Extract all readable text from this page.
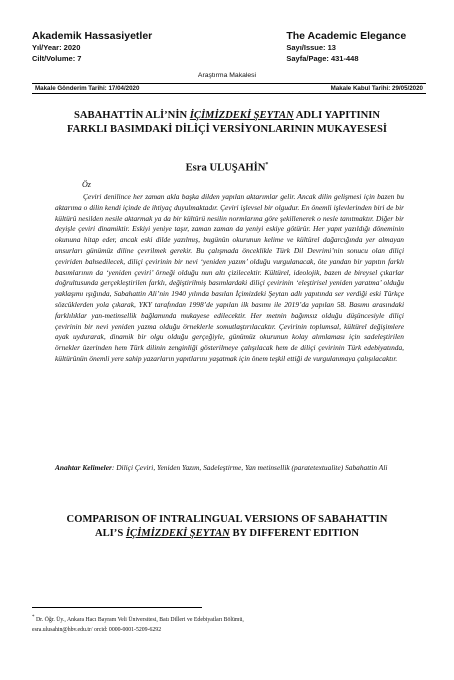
Akademik Hassasiyetler
Yıl/Year: 2020
Cilt/Volume: 7
The Academic Elegance
Sayı/Issue: 13
Sayfa/Page: 431-448
Araştırma Makalesi
Makale Gönderim Tarihi: 17/04/2020	Makale Kabul Tarihi: 29/05/2020
SABAHATTİN ALİ’NİN İÇİMİZDEKİ ŞEYTAN ADLI YAPITININ FARKLI BASIMDAKİ DİLİÇİ VERSİYONLARININ MUKAYESESİ
Esra ULUŞAHİN*
Öz

Çeviri denilince her zaman akla başka dilden yapılan aktarımlar gelir. Ancak dilin gelişmesi için bazen bu aktarıma o dilin kendi içinde de ihtiyaç duyulmaktadır. Çeviri işlevsel bir olgudur. En önemli işlevlerinden biri de bir kültürü nesilden nesile aktarmak ya da bir kültürü nesilin normlarına göre şekillenerek o nesle tanıtmaktır. Diğer bir deyişle çeviri dinamiktir. Eskiyi yeniye taşır, zaman zaman da yeniyi eskiye götürür. Her yapıt yazıldığı döneminin okununa hitap eder, ancak eski dilde yazılmış, bugünün okurunun kelime ve kültürel dağarcığında yer almayan unsurları günümüz diline çevrilmek gerekir. Bu çalışmada önceklikle Türk Dil Devrimi’nin sonucu olan diliçi çeviriden bahsedilecek, diliçi çevirinin bir nevi ‘yeniden yazım’ olduğu vurgulanacak, öte yandan bir yapıtın farklı basımlarının da ‘yeniden çeviri’ örneği olduğu nun altı çizilecektir. Kültürel, ideolojik, bazen de bireysel çıkarlar doğrultusunda gerçekleştirilen farklı, değiştirilmiş basımlardaki diliçi çevirinin ‘eleştirisel yeniden yaratma’ olduğu yaklaşımı ışığında, Sabahattin Ali’nin 1940 yılında basılan İçimizdeki Şeytan adlı yapıtında ser verdiği eski Türkçe sözcüklerden yola çıkarak, YKY tarafından 1998’de yapılan ilk basımı ile 2019’da yapılan 58. Basımı arasındaki farklılıklar yan-metinsellik bağlamında mukayese edilecektir. Her metnin bağımsız olduğu düşüncesiyle diliçi çevirinin bir nevi yeniden yazma olduğu örneklerle somutlaştırılacaktır. Çevirinin toplumsal, kültürel değişimlere ayak uydurarak, dinamik bir olgu olduğu gerçeğiyle, günümüz okurunun kolay alımlaması için sadeleştirilen örnekler üzerinden hem Türk dilinin zenginliği gösterilmeye çalışılacak hem de diliçi çevirinin Türk edebiyatında, kültürünün önemli yere sahip yazarların yapıtlarını yaşatmak için önem teşkil ettiği de vurgulanmaya çalışılacaktır.

Anahtar Kelimeler: Diliçi Çeviri, Yeniden Yazım, Sadeleştirme, Yan metinsellik (paratetextualite) Sabahattin Ali
COMPARISON OF INTRALINGUAL VERSIONS OF SABAHATTIN ALI’S İÇİMİZDEKİ ŞEYTAN BY DIFFERENT EDITION
* Dr. Öğr. Üy., Ankara Hacı Bayram Veli Üniversitesi, Batı Dilleri ve Edebiyatları Bölümü,
esra.ulusahin@hbv.edu.tr/ orcid: 0000-0001-5209-6292
